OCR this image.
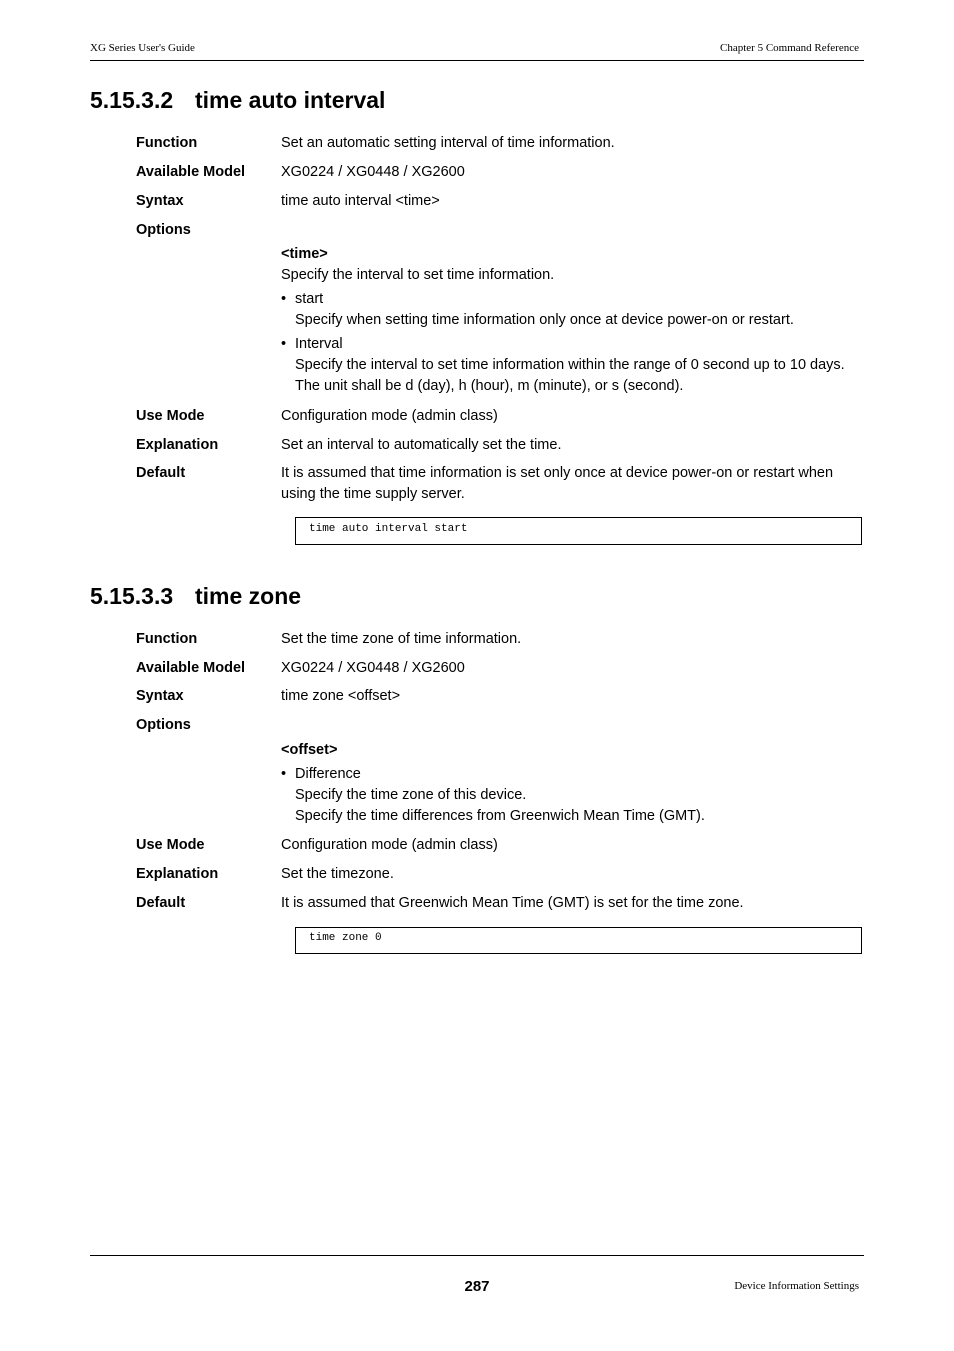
XG Series User's Guide	Chapter 5 Command Reference
5.15.3.2 time auto interval
Function	Set an automatic setting interval of time information.
Available Model	XG0224 / XG0448 / XG2600
Syntax	time auto interval <time>
Options
<time>
Specify the interval to set time information.
• start
Specify when setting time information only once at device power-on or restart.
• Interval
Specify the interval to set time information within the range of 0 second up to 10 days.
The unit shall be d (day), h (hour), m (minute), or s (second).
Use Mode	Configuration mode (admin class)
Explanation	Set an interval to automatically set the time.
Default	It is assumed that time information is set only once at device power-on or restart when
using the time supply server.
time auto interval start
5.15.3.3 time zone
Function	Set the time zone of time information.
Available Model	XG0224 / XG0448 / XG2600
Syntax	time zone <offset>
Options
<offset>
• Difference
Specify the time zone of this device.
Specify the time differences from Greenwich Mean Time (GMT).
Use Mode	Configuration mode (admin class)
Explanation	Set the timezone.
Default	It is assumed that Greenwich Mean Time (GMT) is set for the time zone.
time zone 0
287	Device Information Settings
